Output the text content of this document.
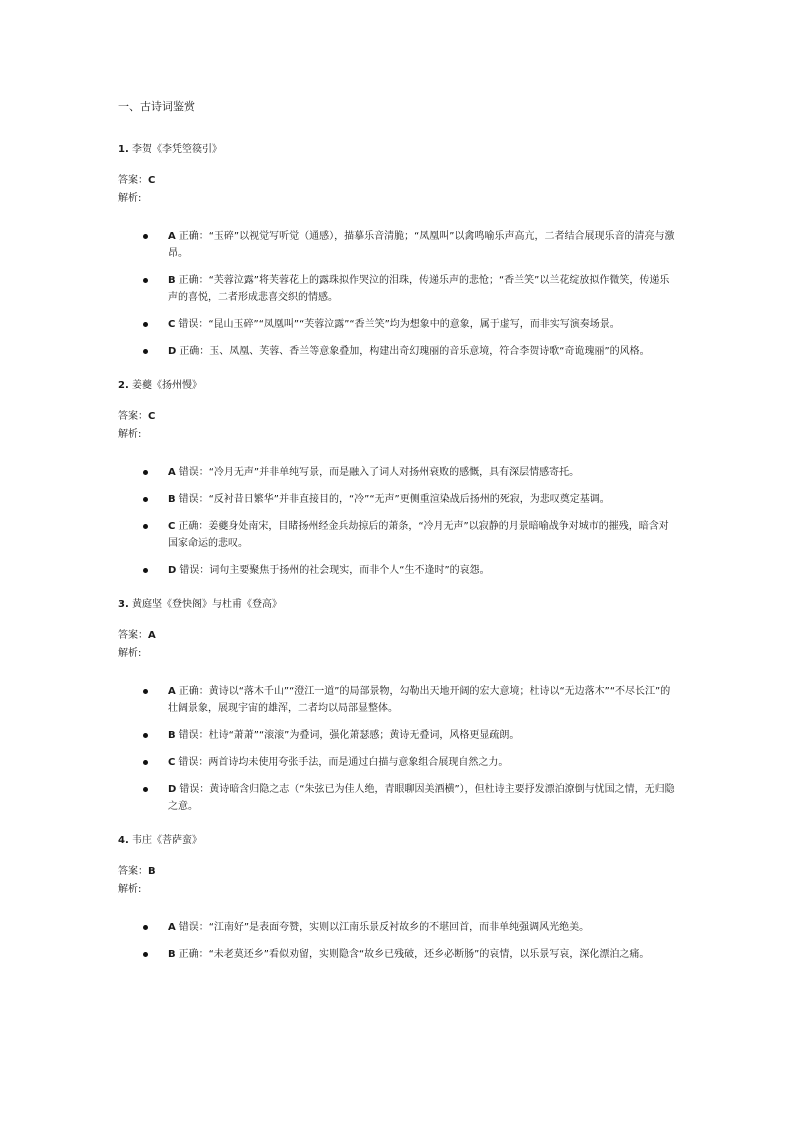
一、古诗词鉴赏

1. 李贺《李凭箜篌引》

答案：C

解析:

A 正确：“玉碎”以视觉写听觉（通感），描摹乐音清脆；“凤凰叫”以禽鸣喻乐声高亢，二者结合展现乐音的清亮与激昂。
B 正确：“芙蓉泣露”将芙蓉花上的露珠拟作哭泣的泪珠，传递乐声的悲怆；“香兰笑”以兰花绽放拟作微笑，传递乐声的喜悦，二者形成悲喜交织的情感。
C 错误：“昆山玉碎”“凤凰叫”“芙蓉泣露”“香兰笑”均为想象中的意象，属于虚写，而非实写演奏场景。
D 正确：玉、凤凰、芙蓉、香兰等意象叠加，构建出奇幻瑰丽的音乐意境，符合李贺诗歌“奇诡瑰丽”的风格。

2. 姜夔《扬州慢》

答案：C

解析:

A 错误：“冷月无声”并非单纯写景，而是融入了词人对扬州衰败的感慨，具有深层情感寄托。
B 错误：“反衬昔日繁华”并非直接目的，“冷”“无声”更侧重渲染战后扬州的死寂，为悲叹奠定基调。
C 正确：姜夔身处南宋，目睹扬州经金兵劫掠后的萧条，“冷月无声”以寂静的月景暗喻战争对城市的摧残，暗含对国家命运的悲叹。
D 错误：词句主要聚焦于扬州的社会现实，而非个人“生不逢时”的哀怨。

3. 黄庭坚《登快阁》与杜甫《登高》

答案：A

解析:

A 正确：黄诗以“落木千山”“澄江一道”的局部景物，勾勒出天地开阔的宏大意境；杜诗以“无边落木”“不尽长江”的壮阔景象，展现宇宙的雄浑，二者均以局部显整体。
B 错误：杜诗“萧萧”“滚滚”为叠词，强化萧瑟感；黄诗无叠词，风格更显疏朗。
C 错误：两首诗均未使用夸张手法，而是通过白描与意象组合展现自然之力。
D 错误：黄诗暗含归隐之志（“朱弦已为佳人绝，青眼聊因美酒横”），但杜诗主要抒发漂泊潦倒与忧国之情，无归隐之意。

4. 韦庄《菩萨蛮》

答案：B

解析:

A 错误：“江南好”是表面夸赞，实则以江南乐景反衬故乡的不堪回首，而非单纯强调风光绝美。
B 正确：“未老莫还乡”看似劝留，实则隐含“故乡已残破，还乡必断肠”的哀情，以乐景写哀，深化漂泊之痛。
